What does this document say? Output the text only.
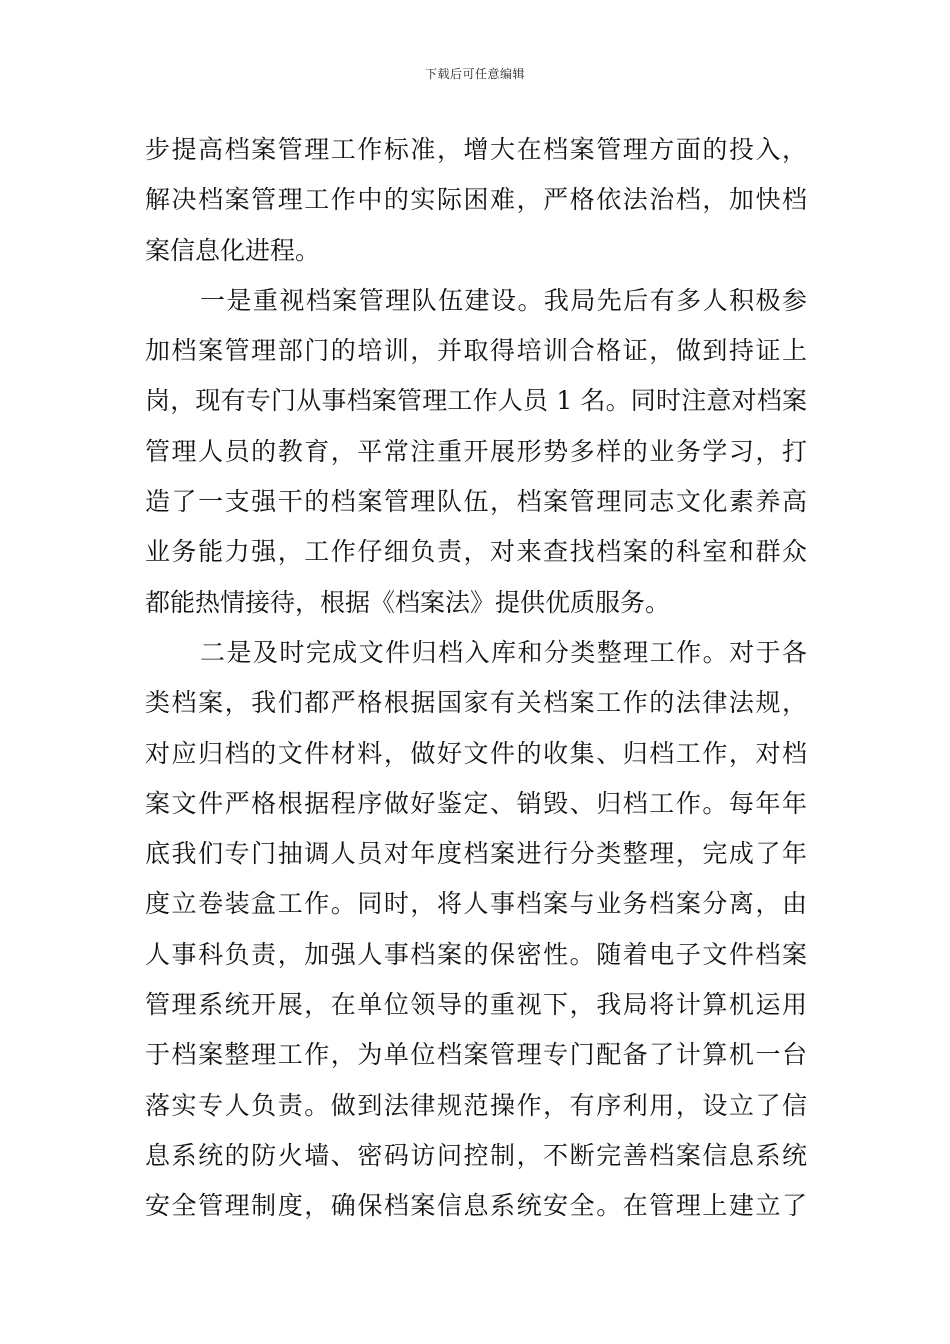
下载后可任意编辑
步提高档案管理工作标准，增大在档案管理方面的投入，
解决档案管理工作中的实际困难，严格依法治档，加快档
案信息化进程。
一是重视档案管理队伍建设。我局先后有多人积极参
加档案管理部门的培训，并取得培训合格证，做到持证上
岗，现有专门从事档案管理工作人员 1 名。同时注意对档案
管理人员的教育，平常注重开展形势多样的业务学习，打
造了一支强干的档案管理队伍，档案管理同志文化素养高
业务能力强，工作仔细负责，对来查找档案的科室和群众
都能热情接待，根据《档案法》提供优质服务。
二是及时完成文件归档入库和分类整理工作。对于各
类档案，我们都严格根据国家有关档案工作的法律法规，
对应归档的文件材料，做好文件的收集、归档工作，对档
案文件严格根据程序做好鉴定、销毁、归档工作。每年年
底我们专门抽调人员对年度档案进行分类整理，完成了年
度立卷装盒工作。同时，将人事档案与业务档案分离，由
人事科负责，加强人事档案的保密性。随着电子文件档案
管理系统开展，在单位领导的重视下，我局将计算机运用
于档案整理工作，为单位档案管理专门配备了计算机一台
落实专人负责。做到法律规范操作，有序利用，设立了信
息系统的防火墙、密码访问控制，不断完善档案信息系统
安全管理制度，确保档案信息系统安全。在管理上建立了
